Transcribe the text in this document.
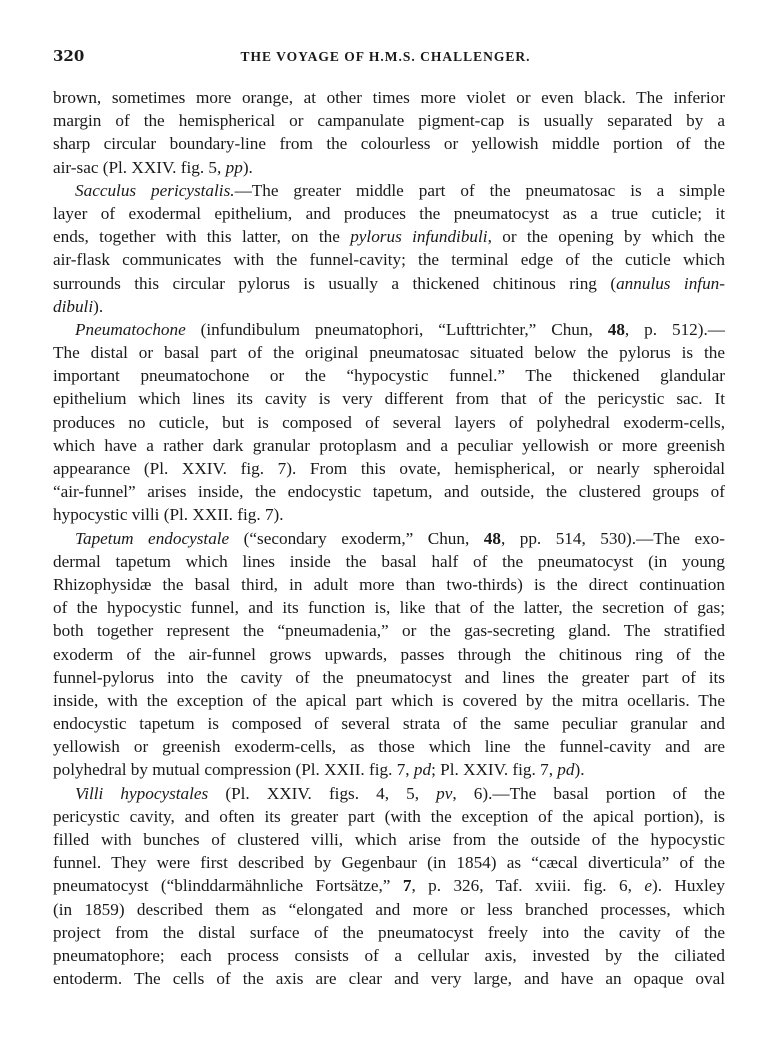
320	THE VOYAGE OF H.M.S. CHALLENGER.
brown, sometimes more orange, at other times more violet or even black. The inferior
margin of the hemispherical or campanulate pigment-cap is usually separated by a
sharp circular boundary-line from the colourless or yellowish middle portion of the
air-sac (Pl. XXIV. fig. 5, pp).
Sacculus pericystalis.—The greater middle part of the pneumatosac is a simple
layer of exodermal epithelium, and produces the pneumatocyst as a true cuticle; it
ends, together with this latter, on the pylorus infundibuli, or the opening by which the
air-flask communicates with the funnel-cavity; the terminal edge of the cuticle which
surrounds this circular pylorus is usually a thickened chitinous ring (annulus infun-
dibuli).
Pneumatochone (infundibulum pneumatophori, “Lufttrichter,” Chun, 48, p. 512).—
The distal or basal part of the original pneumatosac situated below the pylorus is the
important pneumatochone or the “hypocystic funnel.” The thickened glandular
epithelium which lines its cavity is very different from that of the pericystic sac. It
produces no cuticle, but is composed of several layers of polyhedral exoderm-cells,
which have a rather dark granular protoplasm and a peculiar yellowish or more greenish
appearance (Pl. XXIV. fig. 7). From this ovate, hemispherical, or nearly spheroidal
“air-funnel” arises inside, the endocystic tapetum, and outside, the clustered groups of
hypocystic villi (Pl. XXII. fig. 7).
Tapetum endocystale (“secondary exoderm,” Chun, 48, pp. 514, 530).—The exo-
dermal tapetum which lines inside the basal half of the pneumatocyst (in young
Rhizophysidæ the basal third, in adult more than two-thirds) is the direct continuation
of the hypocystic funnel, and its function is, like that of the latter, the secretion of gas;
both together represent the “pneumadenia,” or the gas-secreting gland. The stratified
exoderm of the air-funnel grows upwards, passes through the chitinous ring of the
funnel-pylorus into the cavity of the pneumatocyst and lines the greater part of its
inside, with the exception of the apical part which is covered by the mitra ocellaris. The
endocystic tapetum is composed of several strata of the same peculiar granular and
yellowish or greenish exoderm-cells, as those which line the funnel-cavity and are
polyhedral by mutual compression (Pl. XXII. fig. 7, pd; Pl. XXIV. fig. 7, pd).
Villi hypocystales (Pl. XXIV. figs. 4, 5, pv, 6).—The basal portion of the
pericystic cavity, and often its greater part (with the exception of the apical portion), is
filled with bunches of clustered villi, which arise from the outside of the hypocystic
funnel. They were first described by Gegenbaur (in 1854) as “cæcal diverticula” of the
pneumatocyst (“blinddarmähnliche Fortsätze,” 7, p. 326, Taf. xviii. fig. 6, e). Huxley
(in 1859) described them as “elongated and more or less branched processes, which
project from the distal surface of the pneumatocyst freely into the cavity of the
pneumatophore; each process consists of a cellular axis, invested by the ciliated
entoderm. The cells of the axis are clear and very large, and have an opaque oval
